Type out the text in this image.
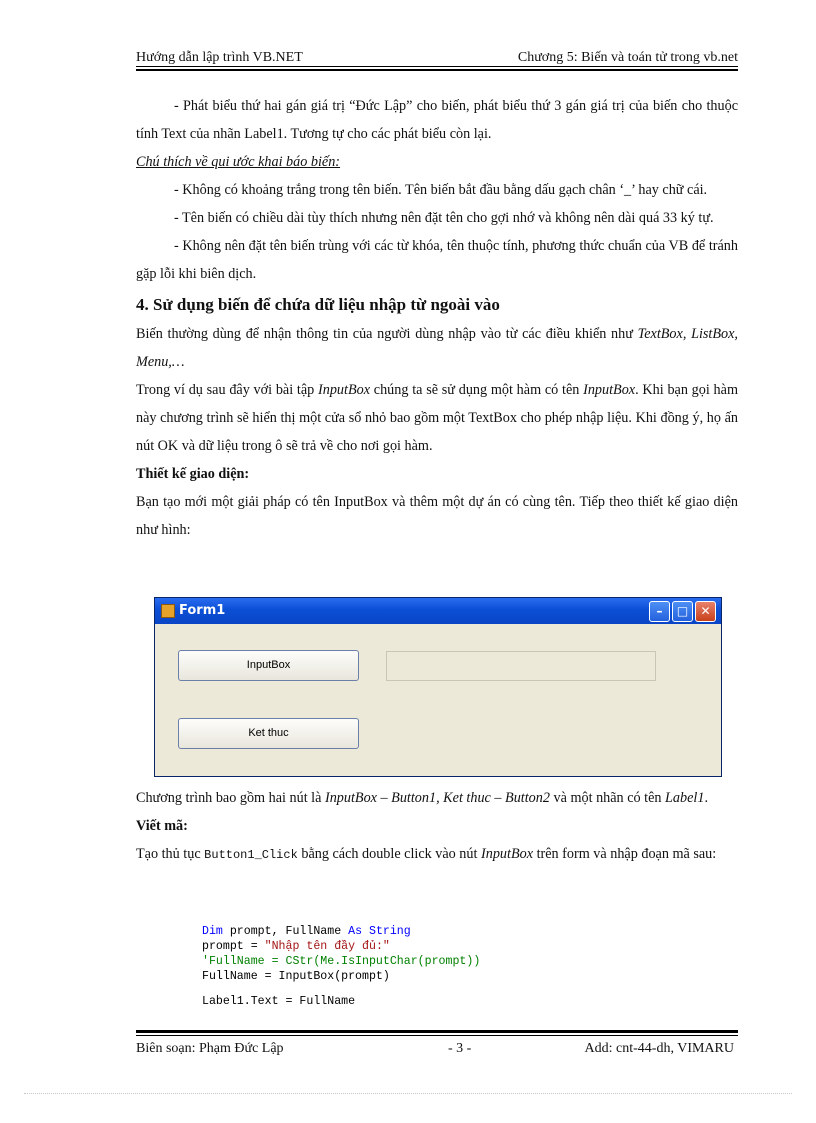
Hướng dẫn lập trình VB.NET	Chương 5: Biến và toán tử trong vb.net

- Phát biểu thứ hai gán giá trị “Đức Lập” cho biến, phát biểu thứ 3 gán giá trị của biến cho thuộc tính Text của nhãn Label1. Tương tự cho các phát biểu còn lại.

Chú thích về qui ước khai báo biến:

- Không có khoảng trắng trong tên biến. Tên biến bắt đầu bằng dấu gạch chân ‘_’ hay chữ cái.

- Tên biến có chiều dài tùy thích nhưng nên đặt tên cho gợi nhớ và không nên dài quá 33 ký tự.

- Không nên đặt tên biến trùng với các từ khóa, tên thuộc tính, phương thức chuẩn của VB để tránh gặp lỗi khi biên dịch.

4. Sử dụng biến để chứa dữ liệu nhập từ ngoài vào

Biến thường dùng để nhận thông tin của người dùng nhập vào từ các điều khiển như TextBox, ListBox, Menu,…

Trong ví dụ sau đây với bài tập InputBox chúng ta sẽ sử dụng một hàm có tên InputBox. Khi bạn gọi hàm này chương trình sẽ hiển thị một cửa sổ nhỏ bao gồm một TextBox cho phép nhập liệu. Khi đồng ý, họ ấn nút OK và dữ liệu trong ô sẽ trả về cho nơi gọi hàm.

Thiết kế giao diện:

Bạn tạo mới một giải pháp có tên InputBox và thêm một dự án có cùng tên. Tiếp theo thiết kế giao diện như hình:

Form1	–	□	✕
InputBox
Ket thuc

Chương trình bao gồm hai nút là InputBox – Button1, Ket thuc – Button2 và một nhãn có tên Label1.

Viết mã:

Tạo thủ tục Button1_Click bằng cách double click vào nút InputBox trên form và nhập đoạn mã sau:

Dim prompt, FullName As String
prompt = "Nhập tên đầy đủ:"
'FullName = CStr(Me.IsInputChar(prompt))
FullName = InputBox(prompt)
Label1.Text = FullName
Biên soạn: Phạm Đức Lập	- 3 -	Add: cnt-44-dh, VIMARU
